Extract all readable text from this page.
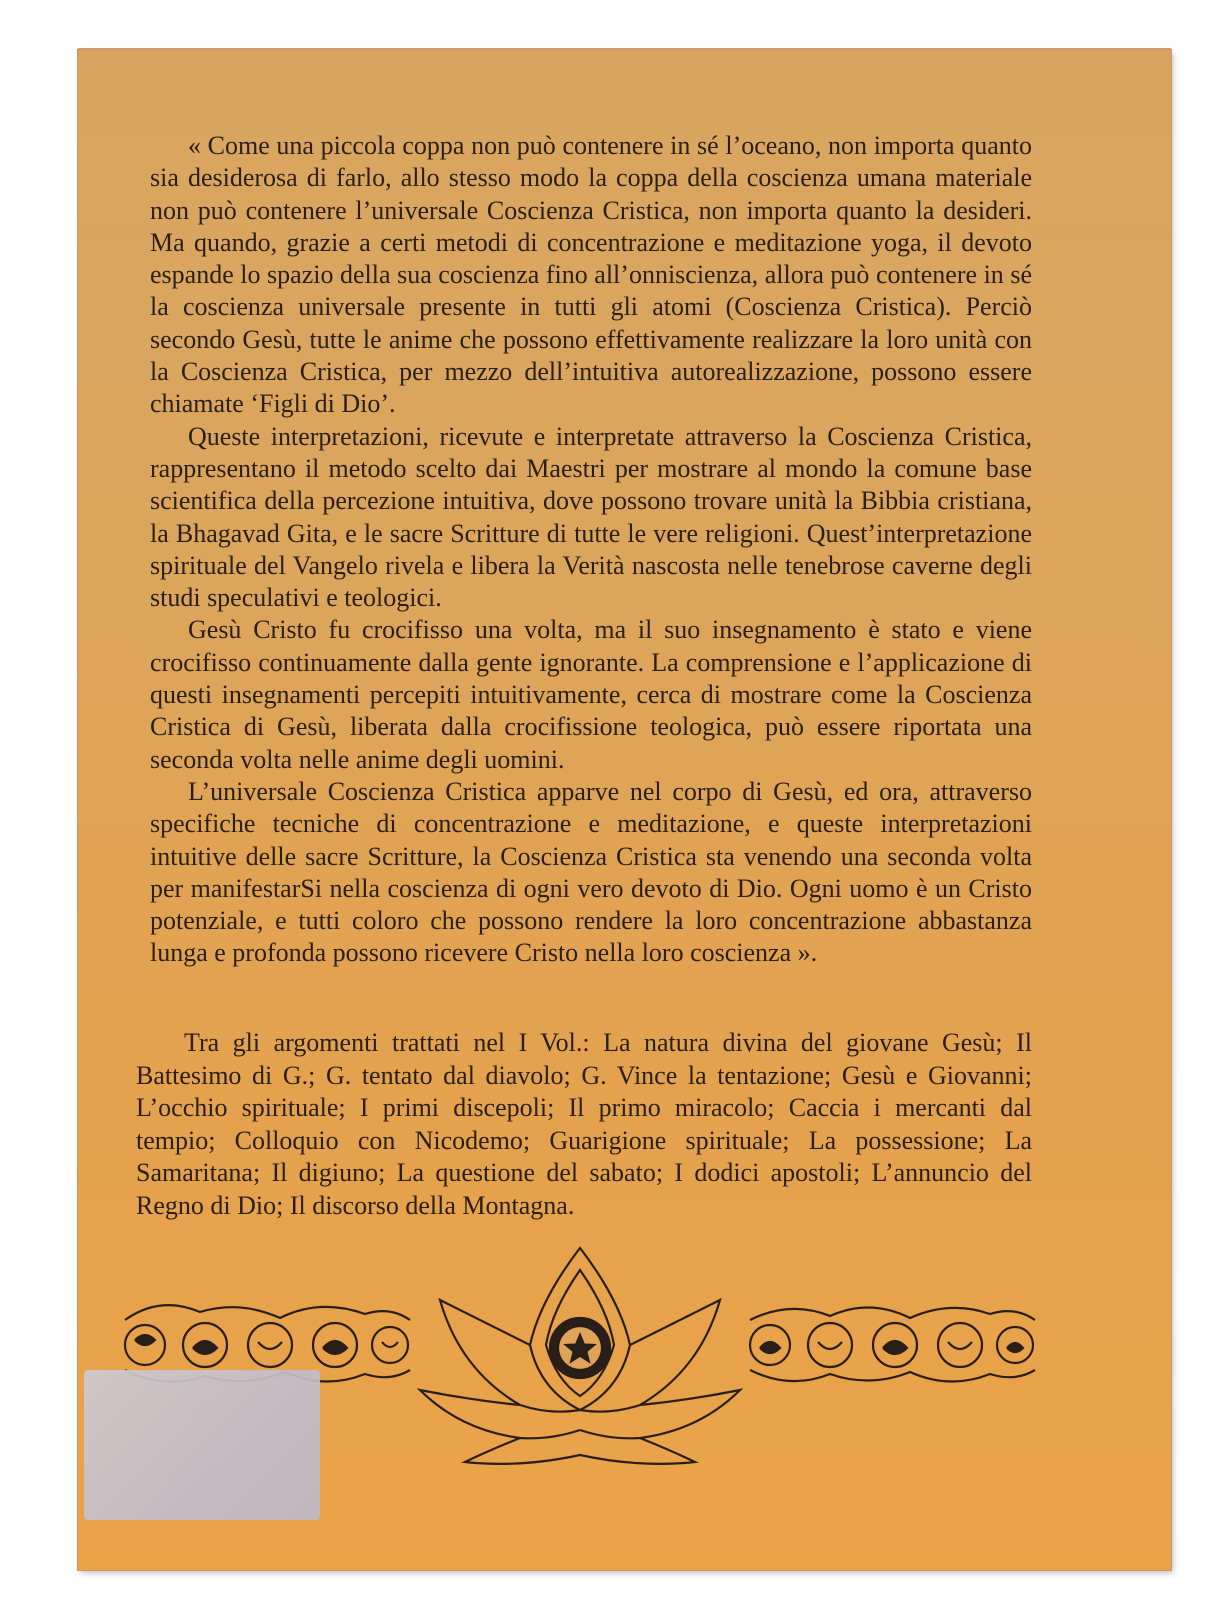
« Come una piccola coppa non può contenere in sé l’oceano, non importa quanto sia desiderosa di farlo, allo stesso modo la coppa della coscienza umana materiale non può contenere l’universale Coscienza Cristica, non importa quanto la desideri. Ma quando, grazie a certi metodi di concentrazione e meditazione yoga, il devoto espande lo spazio della sua coscienza fino all’onniscienza, allora può contenere in sé la coscienza universale presente in tutti gli atomi (Coscienza Cristica). Perciò secondo Gesù, tutte le anime che possono effettivamente realizzare la loro unità con la Coscienza Cristica, per mezzo dell’intuitiva autorealizzazione, possono essere chiamate ‘Figli di Dio’.

Queste interpretazioni, ricevute e interpretate attraverso la Coscienza Cristica, rappresentano il metodo scelto dai Maestri per mostrare al mondo la comune base scientifica della percezione intuitiva, dove possono trovare unità la Bibbia cristiana, la Bhagavad Gita, e le sacre Scritture di tutte le vere religioni. Quest’interpretazione spirituale del Vangelo rivela e libera la Verità nascosta nelle tenebrose caverne degli studi speculativi e teologici.

Gesù Cristo fu crocifisso una volta, ma il suo insegnamento è stato e viene crocifisso continuamente dalla gente ignorante. La comprensione e l’applicazione di questi insegnamenti percepiti intuitivamente, cerca di mostrare come la Coscienza Cristica di Gesù, liberata dalla crocifissione teologica, può essere riportata una seconda volta nelle anime degli uomini.

L’universale Coscienza Cristica apparve nel corpo di Gesù, ed ora, attraverso specifiche tecniche di concentrazione e meditazione, e queste interpretazioni intuitive delle sacre Scritture, la Coscienza Cristica sta venendo una seconda volta per manifestarSi nella coscienza di ogni vero devoto di Dio. Ogni uomo è un Cristo potenziale, e tutti coloro che possono rendere la loro concentrazione abbastanza lunga e profonda possono ricevere Cristo nella loro coscienza ».

Tra gli argomenti trattati nel I Vol.: La natura divina del giovane Gesù; Il Battesimo di G.; G. tentato dal diavolo; G. Vince la tentazione; Gesù e Giovanni; L’occhio spirituale; I primi discepoli; Il primo miracolo; Caccia i mercanti dal tempio; Colloquio con Nicodemo; Guarigione spirituale; La possessione; La Samaritana; Il digiuno; La questione del sabato; I dodici apostoli; L’annuncio del Regno di Dio; Il discorso della Montagna.
